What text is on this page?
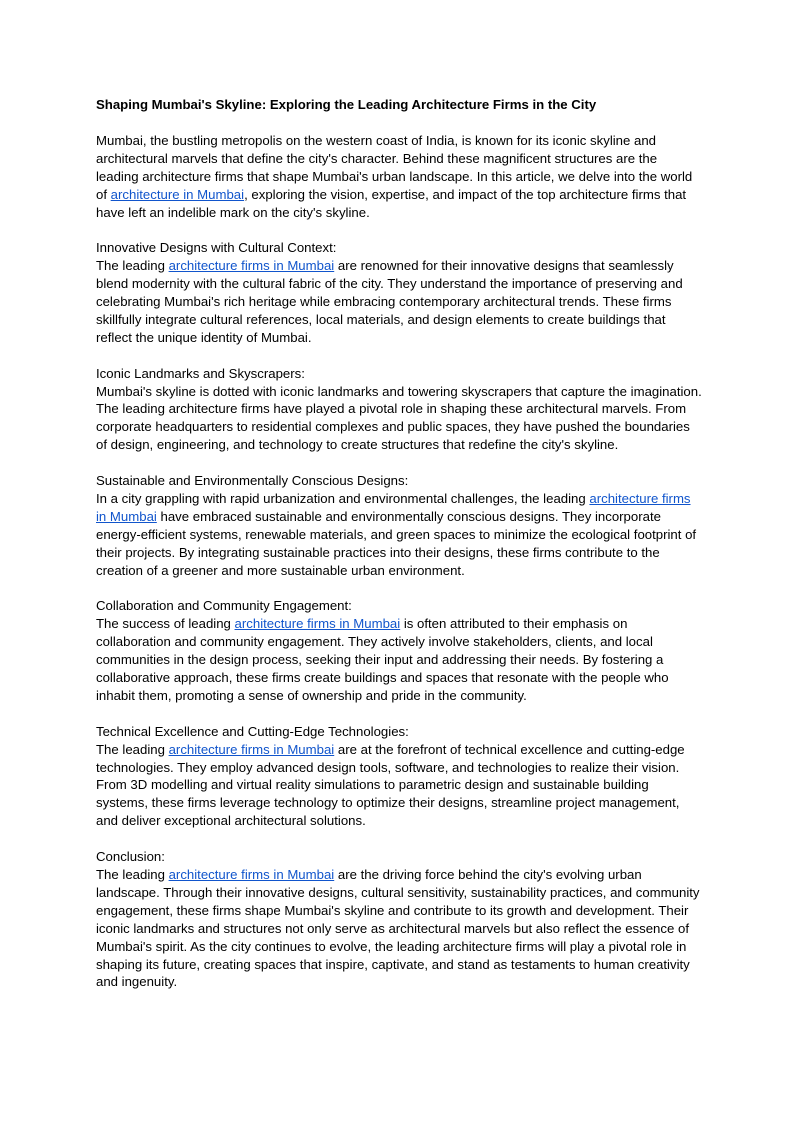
Shaping Mumbai's Skyline: Exploring the Leading Architecture Firms in the City

Mumbai, the bustling metropolis on the western coast of India, is known for its iconic skyline and architectural marvels that define the city's character. Behind these magnificent structures are the leading architecture firms that shape Mumbai's urban landscape. In this article, we delve into the world of architecture in Mumbai, exploring the vision, expertise, and impact of the top architecture firms that have left an indelible mark on the city's skyline.

Innovative Designs with Cultural Context:
The leading architecture firms in Mumbai are renowned for their innovative designs that seamlessly blend modernity with the cultural fabric of the city. They understand the importance of preserving and celebrating Mumbai's rich heritage while embracing contemporary architectural trends. These firms skillfully integrate cultural references, local materials, and design elements to create buildings that reflect the unique identity of Mumbai.

Iconic Landmarks and Skyscrapers:
Mumbai's skyline is dotted with iconic landmarks and towering skyscrapers that capture the imagination. The leading architecture firms have played a pivotal role in shaping these architectural marvels. From corporate headquarters to residential complexes and public spaces, they have pushed the boundaries of design, engineering, and technology to create structures that redefine the city's skyline.

Sustainable and Environmentally Conscious Designs:
In a city grappling with rapid urbanization and environmental challenges, the leading architecture firms in Mumbai have embraced sustainable and environmentally conscious designs. They incorporate energy-efficient systems, renewable materials, and green spaces to minimize the ecological footprint of their projects. By integrating sustainable practices into their designs, these firms contribute to the creation of a greener and more sustainable urban environment.

Collaboration and Community Engagement:
The success of leading architecture firms in Mumbai is often attributed to their emphasis on collaboration and community engagement. They actively involve stakeholders, clients, and local communities in the design process, seeking their input and addressing their needs. By fostering a collaborative approach, these firms create buildings and spaces that resonate with the people who inhabit them, promoting a sense of ownership and pride in the community.

Technical Excellence and Cutting-Edge Technologies:
The leading architecture firms in Mumbai are at the forefront of technical excellence and cutting-edge technologies. They employ advanced design tools, software, and technologies to realize their vision. From 3D modelling and virtual reality simulations to parametric design and sustainable building systems, these firms leverage technology to optimize their designs, streamline project management, and deliver exceptional architectural solutions.

Conclusion:
The leading architecture firms in Mumbai are the driving force behind the city's evolving urban landscape. Through their innovative designs, cultural sensitivity, sustainability practices, and community engagement, these firms shape Mumbai's skyline and contribute to its growth and development. Their iconic landmarks and structures not only serve as architectural marvels but also reflect the essence of Mumbai's spirit. As the city continues to evolve, the leading architecture firms will play a pivotal role in shaping its future, creating spaces that inspire, captivate, and stand as testaments to human creativity and ingenuity.
